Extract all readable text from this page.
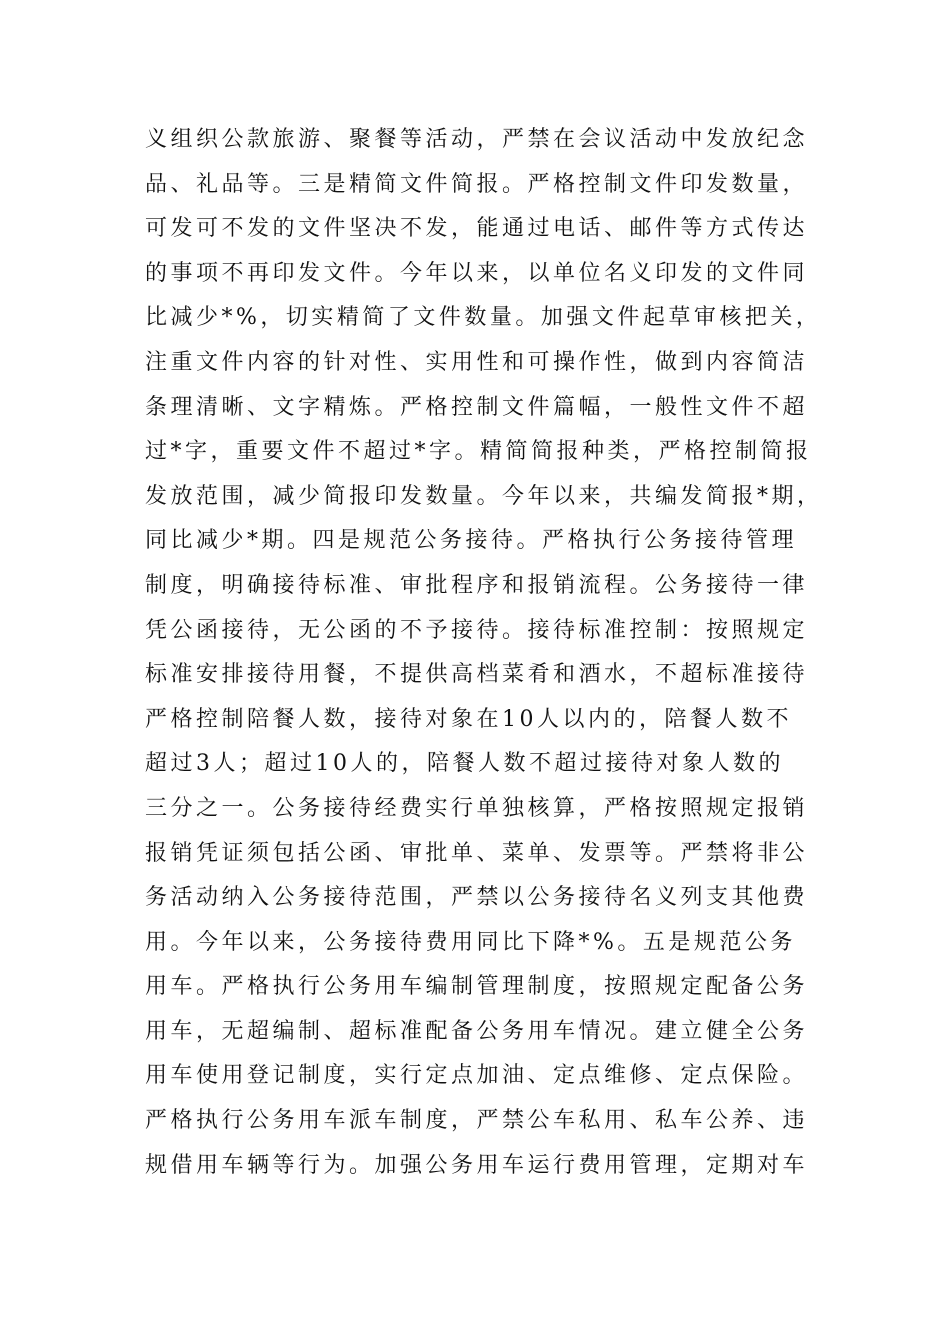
义组织公款旅游、聚餐等活动，严禁在会议活动中发放纪念
品、礼品等。三是精简文件简报。严格控制文件印发数量，
可发可不发的文件坚决不发，能通过电话、邮件等方式传达
的事项不再印发文件。今年以来，以单位名义印发的文件同
比减少*%，切实精简了文件数量。加强文件起草审核把关，
注重文件内容的针对性、实用性和可操作性，做到内容简洁
条理清晰、文字精炼。严格控制文件篇幅，一般性文件不超
过*字，重要文件不超过*字。精简简报种类，严格控制简报
发放范围，减少简报印发数量。今年以来，共编发简报*期，
同比减少*期。四是规范公务接待。严格执行公务接待管理
制度，明确接待标准、审批程序和报销流程。公务接待一律
凭公函接待，无公函的不予接待。接待标准控制：按照规定
标准安排接待用餐，不提供高档菜肴和酒水，不超标准接待
严格控制陪餐人数，接待对象在10人以内的，陪餐人数不
超过3人；超过10人的，陪餐人数不超过接待对象人数的
三分之一。公务接待经费实行单独核算，严格按照规定报销
报销凭证须包括公函、审批单、菜单、发票等。严禁将非公
务活动纳入公务接待范围，严禁以公务接待名义列支其他费
用。今年以来，公务接待费用同比下降*%。五是规范公务
用车。严格执行公务用车编制管理制度，按照规定配备公务
用车，无超编制、超标准配备公务用车情况。建立健全公务
用车使用登记制度，实行定点加油、定点维修、定点保险。
严格执行公务用车派车制度，严禁公车私用、私车公养、违
规借用车辆等行为。加强公务用车运行费用管理，定期对车
